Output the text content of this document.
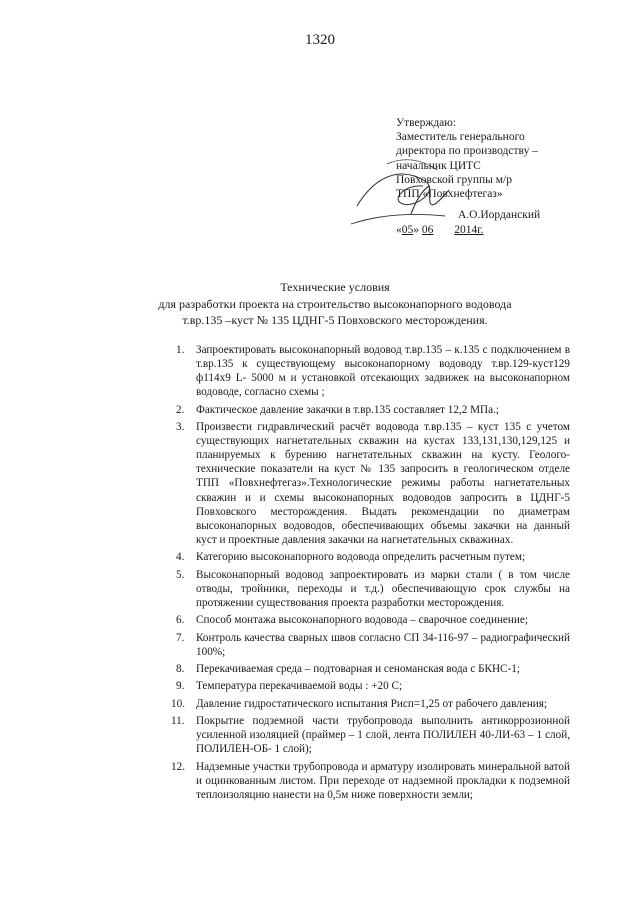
1320
Утверждаю:
Заместитель генерального
директора по производству –
начальник ЦИТС
Повховской группы м/р
ТПП «Повхнефтегаз»
А.О.Иорданский
«05» 06 2014г.
Технические условия
для разработки проекта на строительство высоконапорного водовода
т.вр.135 –куст № 135 ЦДНГ-5 Повховского месторождения.
1. Запроектировать высоконапорный водовод т.вр.135 – к.135 с подключением в т.вр.135 к существующему высоконапорному водоводу т.вр.129-куст129 ф114х9 L- 5000 м и установкой отсекающих задвижек на высоконапорном водоводе, согласно схемы ;
2. Фактическое давление закачки в т.вр.135 составляет 12,2 МПа.;
3. Произвести гидравлический расчёт водовода т.вр.135 – куст 135 с учетом существующих нагнетательных скважин на кустах 133,131,130,129,125 и планируемых к бурению нагнетательных скважин на кусту. Геолого-технические показатели на куст № 135 запросить в геологическом отделе ТПП «Повхнефтегаз».Технологические режимы работы нагнетательных скважин и и схемы высоконапорных водоводов запросить в ЦДНГ-5 Повховского месторождения. Выдать рекомендации по диаметрам высоконапорных водоводов, обеспечивающих объемы закачки на данный куст и проектные давления закачки на нагнетательных скважинах.
4. Категорию высоконапорного водовода определить расчетным путем;
5. Высоконапорный водовод запроектировать из марки стали ( в том числе отводы, тройники, переходы и т.д.) обеспечивающую срок службы на протяжении существования проекта разработки месторождения.
6. Способ монтажа высоконапорного водовода – сварочное соединение;
7. Контроль качества сварных швов согласно СП 34-116-97 – радиографический 100%;
8. Перекачиваемая среда – подтоварная и сеноманская вода с БКНС-1;
9. Температура перекачиваемой воды : +20 С;
10. Давление гидростатического испытания Рисп=1,25 от рабочего давления;
11. Покрытие подземной части трубопровода выполнить антикоррозионной усиленной изоляцией (праймер – 1 слой, лента ПОЛИЛЕН 40-ЛИ-63 – 1 слой, ПОЛИЛЕН-ОБ- 1 слой);
12. Надземные участки трубопровода и арматуру изолировать минеральной ватой и оцинкованным листом. При переходе от надземной прокладки к подземной теплоизоляцию нанести на 0,5м ниже поверхности земли;
